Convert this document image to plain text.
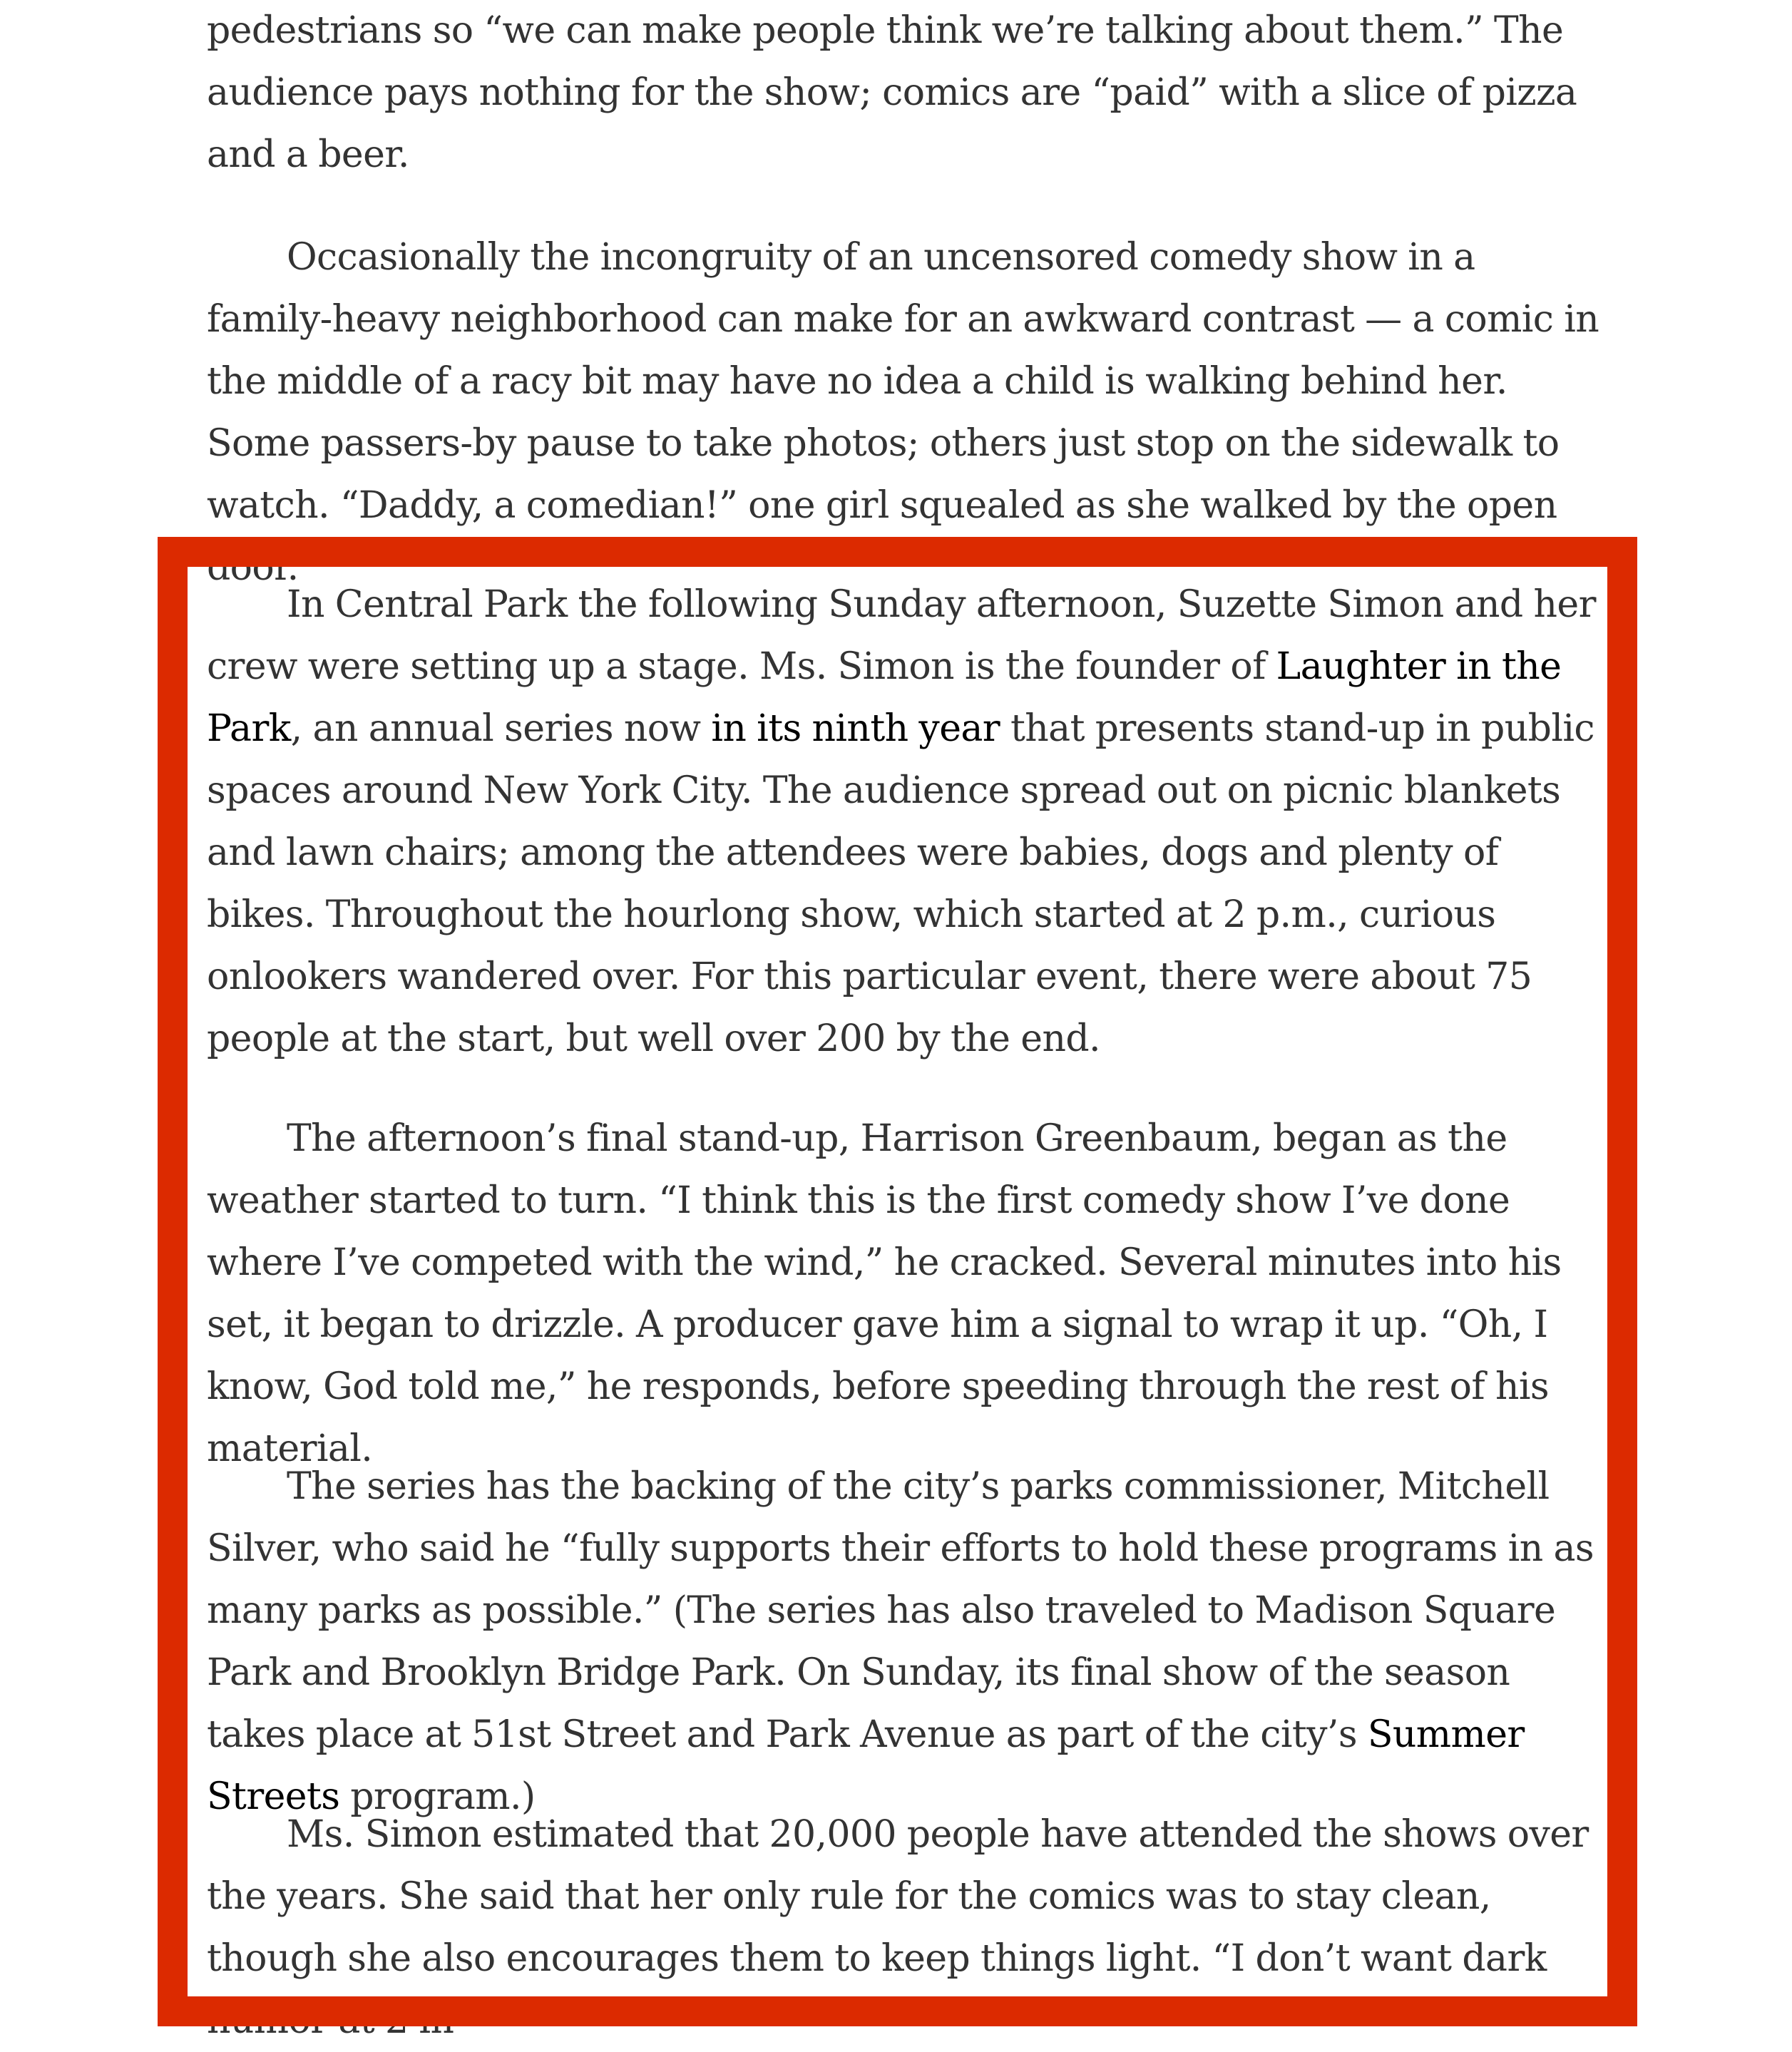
pedestrians so “we can make people think we’re talking about them.” The audience pays nothing for the show; comics are “paid” with a slice of pizza and a beer.

Occasionally the incongruity of an uncensored comedy show in a family-heavy neighborhood can make for an awkward contrast — a comic in the middle of a racy bit may have no idea a child is walking behind her. Some passers-by pause to take photos; others just stop on the sidewalk to watch. “Daddy, a comedian!” one girl squealed as she walked by the open door.

In Central Park the following Sunday afternoon, Suzette Simon and her crew were setting up a stage. Ms. Simon is the founder of Laughter in the Park, an annual series now in its ninth year that presents stand-up in public spaces around New York City. The audience spread out on picnic blankets and lawn chairs; among the attendees were babies, dogs and plenty of bikes. Throughout the hourlong show, which started at 2 p.m., curious onlookers wandered over. For this particular event, there were about 75 people at the start, but well over 200 by the end.

The afternoon’s final stand-up, Harrison Greenbaum, began as the weather started to turn. “I think this is the first comedy show I’ve done where I’ve competed with the wind,” he cracked. Several minutes into his set, it began to drizzle. A producer gave him a signal to wrap it up. “Oh, I know, God told me,” he responds, before speeding through the rest of his material.

The series has the backing of the city’s parks commissioner, Mitchell Silver, who said he “fully supports their efforts to hold these programs in as many parks as possible.” (The series has also traveled to Madison Square Park and Brooklyn Bridge Park. On Sunday, its final show of the season takes place at 51st Street and Park Avenue as part of the city’s Summer Streets program.)

Ms. Simon estimated that 20,000 people have attended the shows over the years. She said that her only rule for the comics was to stay clean, though she also encourages them to keep things light. “I don’t want dark humor at 2 in
